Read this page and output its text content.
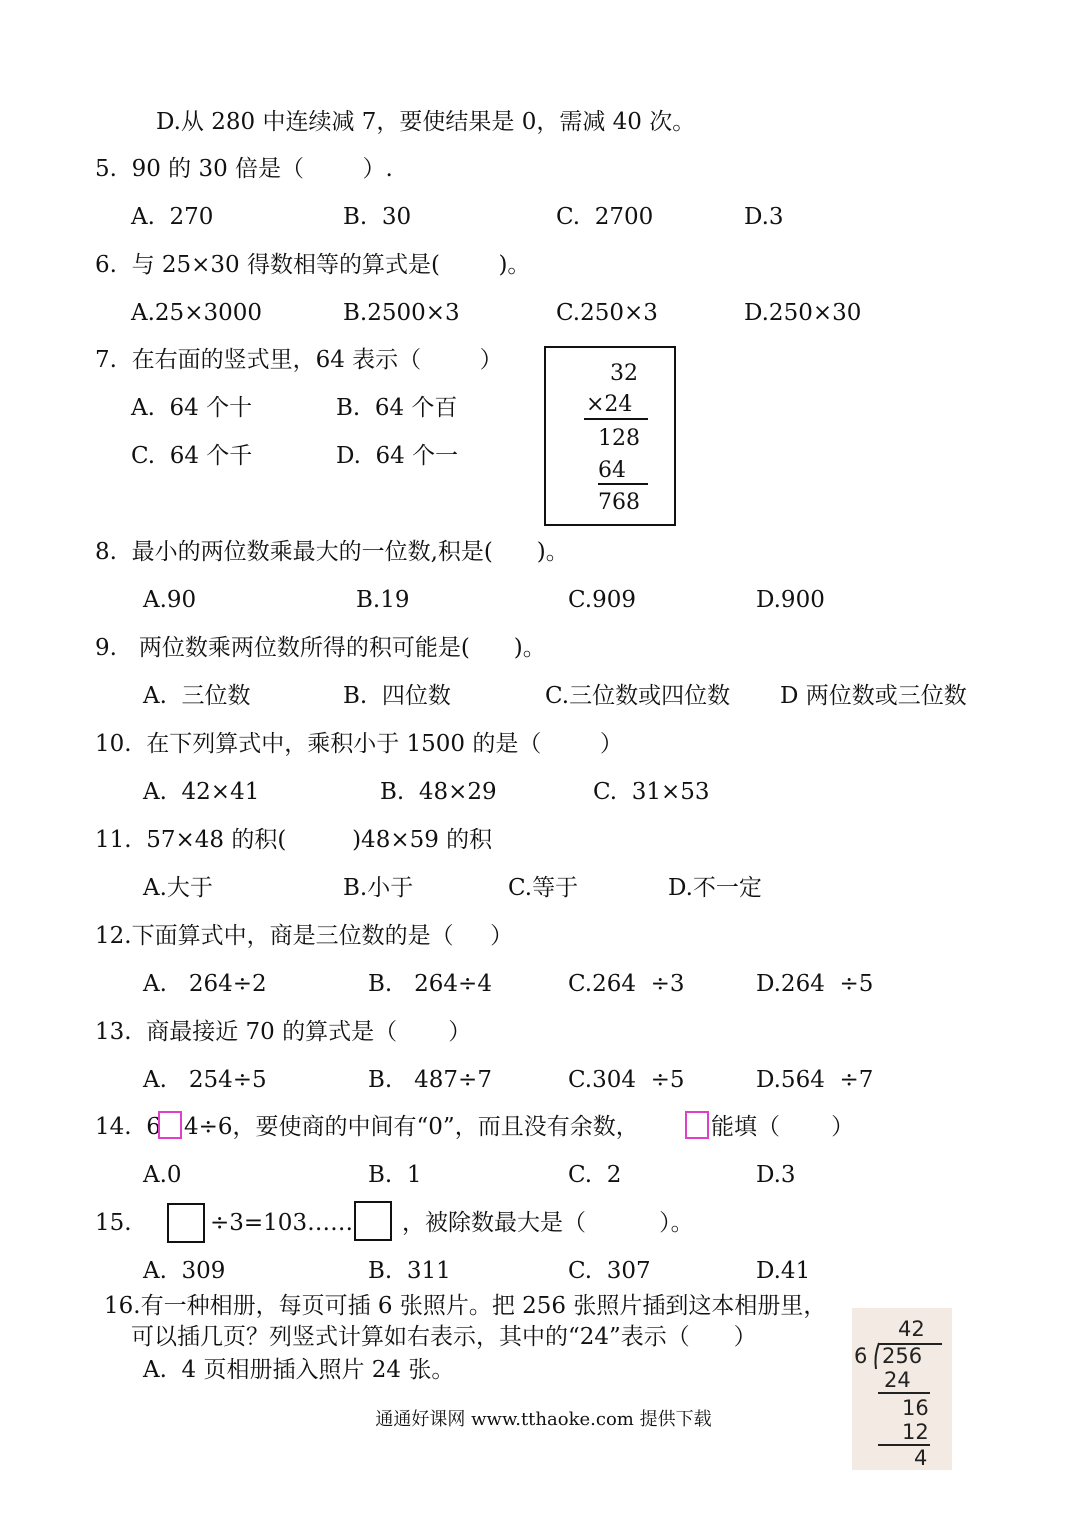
D.从 280 中连续减 7，要使结果是 0，需减 40 次。
5.  90 的 30 倍是（        ）.
A.  270	B.  30	C.  2700	D.3
6.  与 25×30 得数相等的算式是(        )。
A.25×3000	B.2500×3	C.250×3	D.250×30
7.  在右面的竖式里，64 表示（        ）
A.  64 个十	B.  64 个百
C.  64 个千	D.  64 个一
32
×24
128
64
768
8.  最小的两位数乘最大的一位数,积是(      )。
A.90	B.19	C.909	D.900
9.   两位数乘两位数所得的积可能是(      )。
A.  三位数	B.  四位数	C.三位数或四位数 D 两位数或三位数
10.  在下列算式中，乘积小于 1500 的是（        ）
A.  42×41	B.  48×29	C.  31×53
11.  57×48 的积(         )48×59 的积
A.大于	B.小于	C.等于	D.不一定
12.下面算式中，商是三位数的是（     ）
A.   264÷2	B.   264÷4	C.264  ÷3	D.264  ÷5
13.  商最接近 70 的算式是（       ）
A.   254÷5	B.   487÷7	C.304  ÷5	D.564  ÷7
14.  6 4÷6，要使商的中间有“0”，而且没有余数，	能填（       ）
A.0	B.  1	C.  2	D.3
15.	÷3=103…… ，被除数最大是（          ）。
A.  309	B.  311	C.  307	D.41
16.有一种相册，每页可插 6 张照片。把 256 张照片插到这本相册里，
可以插几页？列竖式计算如右表示，其中的“24”表示（      ）
A.  4 页相册插入照片 24 张。
42
6 256
24
16
12
4
通通好课网 www.tthaoke.com 提供下载
